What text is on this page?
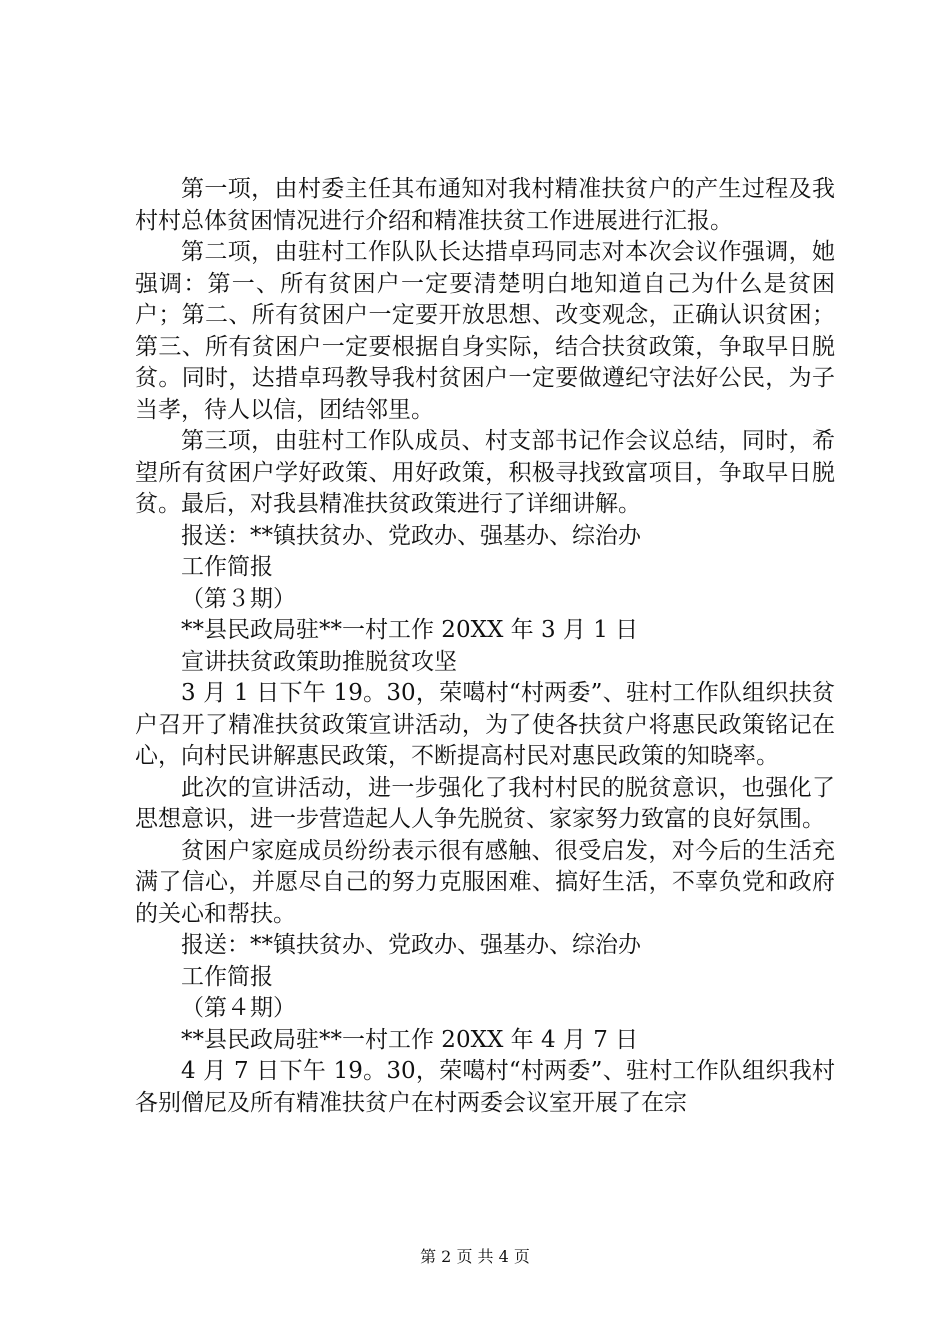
第一项，由村委主任其布通知对我村精准扶贫户的产生过程及我村村总体贫困情况进行介绍和精准扶贫工作进展进行汇报。

第二项，由驻村工作队队长达措卓玛同志对本次会议作强调，她强调：第一、所有贫困户一定要清楚明白地知道自己为什么是贫困户；第二、所有贫困户一定要开放思想、改变观念，正确认识贫困；第三、所有贫困户一定要根据自身实际，结合扶贫政策，争取早日脱贫。同时，达措卓玛教导我村贫困户一定要做遵纪守法好公民，为子当孝，待人以信，团结邻里。

第三项，由驻村工作队成员、村支部书记作会议总结，同时，希望所有贫困户学好政策、用好政策，积极寻找致富项目，争取早日脱贫。最后，对我县精准扶贫政策进行了详细讲解。

报送：**镇扶贫办、党政办、强基办、综治办

工作简报

（第３期）

**县民政局驻**一村工作 20XX 年 3 月 1 日

宣讲扶贫政策助推脱贫攻坚

3 月 1 日下午 19。30，荣噶村“村两委”、驻村工作队组织扶贫户召开了精准扶贫政策宣讲活动，为了使各扶贫户将惠民政策铭记在心，向村民讲解惠民政策，不断提高村民对惠民政策的知晓率。

此次的宣讲活动，进一步强化了我村村民的脱贫意识，也强化了思想意识，进一步营造起人人争先脱贫、家家努力致富的良好氛围。

贫困户家庭成员纷纷表示很有感触、很受启发，对今后的生活充满了信心，并愿尽自己的努力克服困难、搞好生活，不辜负党和政府的关心和帮扶。

报送：**镇扶贫办、党政办、强基办、综治办

工作简报

（第４期）

**县民政局驻**一村工作 20XX 年 4 月 7 日

4 月 7 日下午 19。30，荣噶村“村两委”、驻村工作队组织我村各别僧尼及所有精准扶贫户在村两委会议室开展了在宗

第 2 页 共 4 页
